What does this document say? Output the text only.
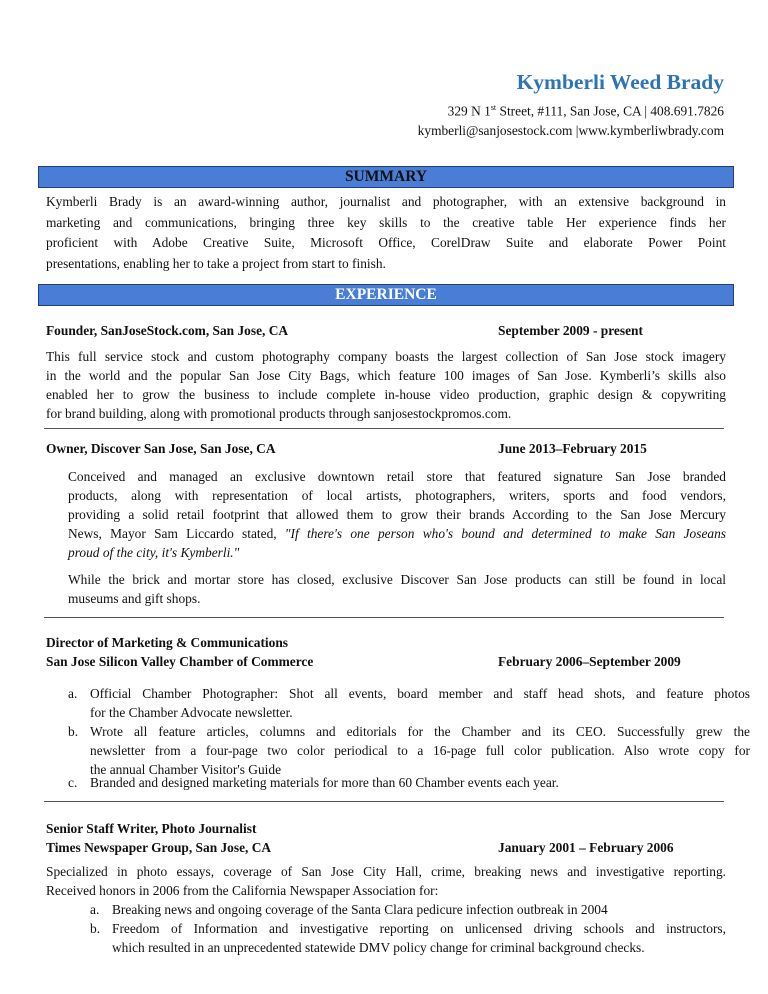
Kymberli Weed Brady
329 N 1st Street, #111, San Jose, CA | 408.691.7826
kymberli@sanjosestock.com |www.kymberliwbrady.com
SUMMARY
Kymberli Brady is an award-winning author, journalist and photographer, with an extensive background in
marketing and communications, bringing three key skills to the creative table Her experience finds her
proficient with Adobe Creative Suite, Microsoft Office, CorelDraw Suite and elaborate Power Point
presentations, enabling her to take a project from start to finish.
EXPERIENCE
Founder, SanJoseStock.com, San Jose, CA	September 2009 - present
This full service stock and custom photography company boasts the largest collection of San Jose stock imagery
in the world and the popular San Jose City Bags, which feature 100 images of San Jose. Kymberli’s skills also
enabled her to grow the business to include complete in-house video production, graphic design & copywriting
for brand building, along with promotional products through sanjosestockpromos.com.
Owner, Discover San Jose, San Jose, CA	June 2013–February 2015
Conceived and managed an exclusive downtown retail store that featured signature San Jose branded
products, along with representation of local artists, photographers, writers, sports and food vendors,
providing a solid retail footprint that allowed them to grow their brands According to the San Jose Mercury
News, Mayor Sam Liccardo stated, "If there's one person who's bound and determined to make San Joseans
proud of the city, it's Kymberli."
While the brick and mortar store has closed, exclusive Discover San Jose products can still be found in local
museums and gift shops.
Director of Marketing & Communications
San Jose Silicon Valley Chamber of Commerce	February 2006–September 2009
a. Official Chamber Photographer: Shot all events, board member and staff head shots, and feature photos
for the Chamber Advocate newsletter.
b. Wrote all feature articles, columns and editorials for the Chamber and its CEO. Successfully grew the
newsletter from a four-page two color periodical to a 16-page full color publication. Also wrote copy for
the annual Chamber Visitor's Guide
c. Branded and designed marketing materials for more than 60 Chamber events each year.
Senior Staff Writer, Photo Journalist
Times Newspaper Group, San Jose, CA	January 2001 – February 2006
Specialized in photo essays, coverage of San Jose City Hall, crime, breaking news and investigative reporting.
Received honors in 2006 from the California Newspaper Association for:
a. Breaking news and ongoing coverage of the Santa Clara pedicure infection outbreak in 2004
b. Freedom of Information and investigative reporting on unlicensed driving schools and instructors,
which resulted in an unprecedented statewide DMV policy change for criminal background checks.
